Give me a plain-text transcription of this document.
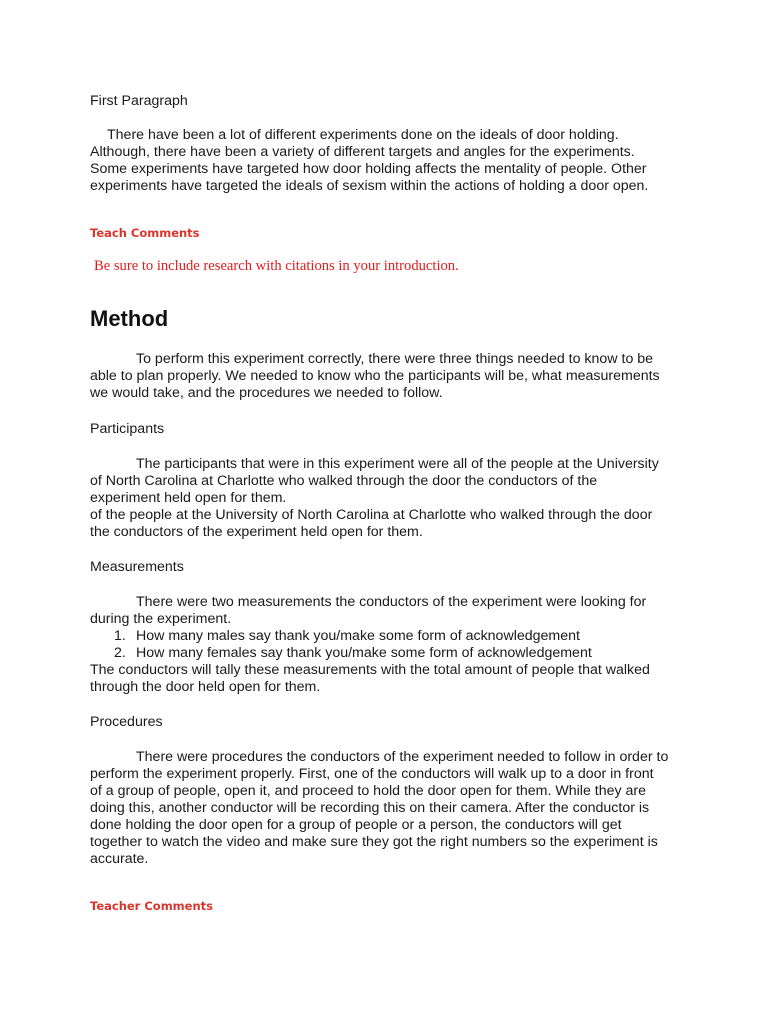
First Paragraph

There have been a lot of different experiments done on the ideals of door holding.
Although, there have been a variety of different targets and angles for the experiments.
Some experiments have targeted how door holding affects the mentality of people. Other
experiments have targeted the ideals of sexism within the actions of holding a door open.

Teach Comments

Be sure to include research with citations in your introduction.

Method

To perform this experiment correctly, there were three things needed to know to be
able to plan properly. We needed to know who the participants will be, what measurements
we would take, and the procedures we needed to follow.

Participants

The participants that were in this experiment were all of the people at the University
of North Carolina at Charlotte who walked through the door the conductors of the
experiment held open for them.
of the people at the University of North Carolina at Charlotte who walked through the door
the conductors of the experiment held open for them.

Measurements

There were two measurements the conductors of the experiment were looking for
during the experiment.

1. How many males say thank you/make some form of acknowledgement
2. How many females say thank you/make some form of acknowledgement

The conductors will tally these measurements with the total amount of people that walked
through the door held open for them.

Procedures

There were procedures the conductors of the experiment needed to follow in order to
perform the experiment properly. First, one of the conductors will walk up to a door in front
of a group of people, open it, and proceed to hold the door open for them. While they are
doing this, another conductor will be recording this on their camera. After the conductor is
done holding the door open for a group of people or a person, the conductors will get
together to watch the video and make sure they got the right numbers so the experiment is
accurate.

Teacher Comments
